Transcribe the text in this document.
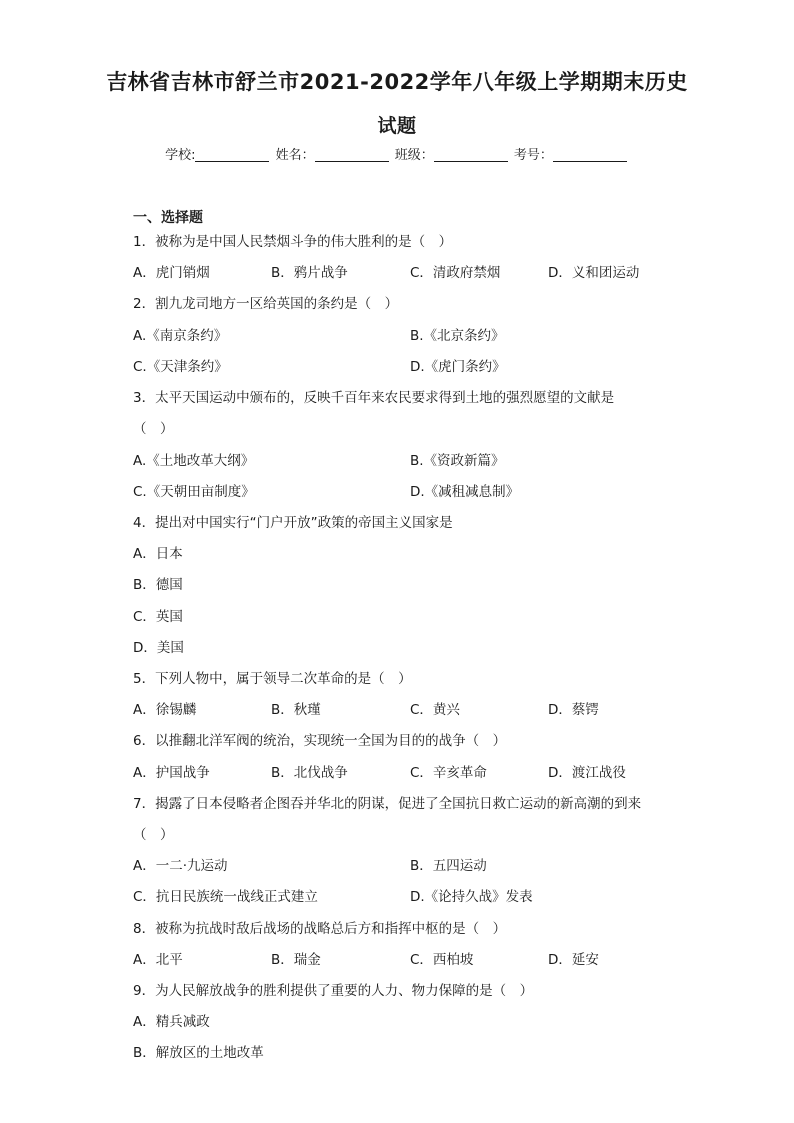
吉林省吉林市舒兰市2021-2022学年八年级上学期期末历史
试题
学校:	姓名：	班级：	考号：
一、选择题
1．被称为是中国人民禁烟斗争的伟大胜利的是（　）
A．虎门销烟	B．鸦片战争	C．清政府禁烟	D．义和团运动
2．割九龙司地方一区给英国的条约是（　）
A.《南京条约》	B.《北京条约》
C.《天津条约》	D.《虎门条约》
3．太平天国运动中颁布的，反映千百年来农民要求得到土地的强烈愿望的文献是
（　）
A.《土地改革大纲》	B.《资政新篇》
C.《天朝田亩制度》	D.《减租减息制》
4．提出对中国实行“门户开放”政策的帝国主义国家是
A．日本
B．德国
C．英国
D．美国
5．下列人物中，属于领导二次革命的是（　）
A．徐锡麟	B．秋瑾	C．黄兴	D．蔡锷
6．以推翻北洋军阀的统治，实现统一全国为目的的战争（　）
A．护国战争	B．北伐战争	C．辛亥革命	D．渡江战役
7．揭露了日本侵略者企图吞并华北的阴谋，促进了全国抗日救亡运动的新高潮的到来
（　）
A．一二·九运动	B．五四运动
C．抗日民族统一战线正式建立	D.《论持久战》发表
8．被称为抗战时敌后战场的战略总后方和指挥中枢的是（　）
A．北平	B．瑞金	C．西柏坡	D．延安
9．为人民解放战争的胜利提供了重要的人力、物力保障的是（　）
A．精兵减政
B．解放区的土地改革
